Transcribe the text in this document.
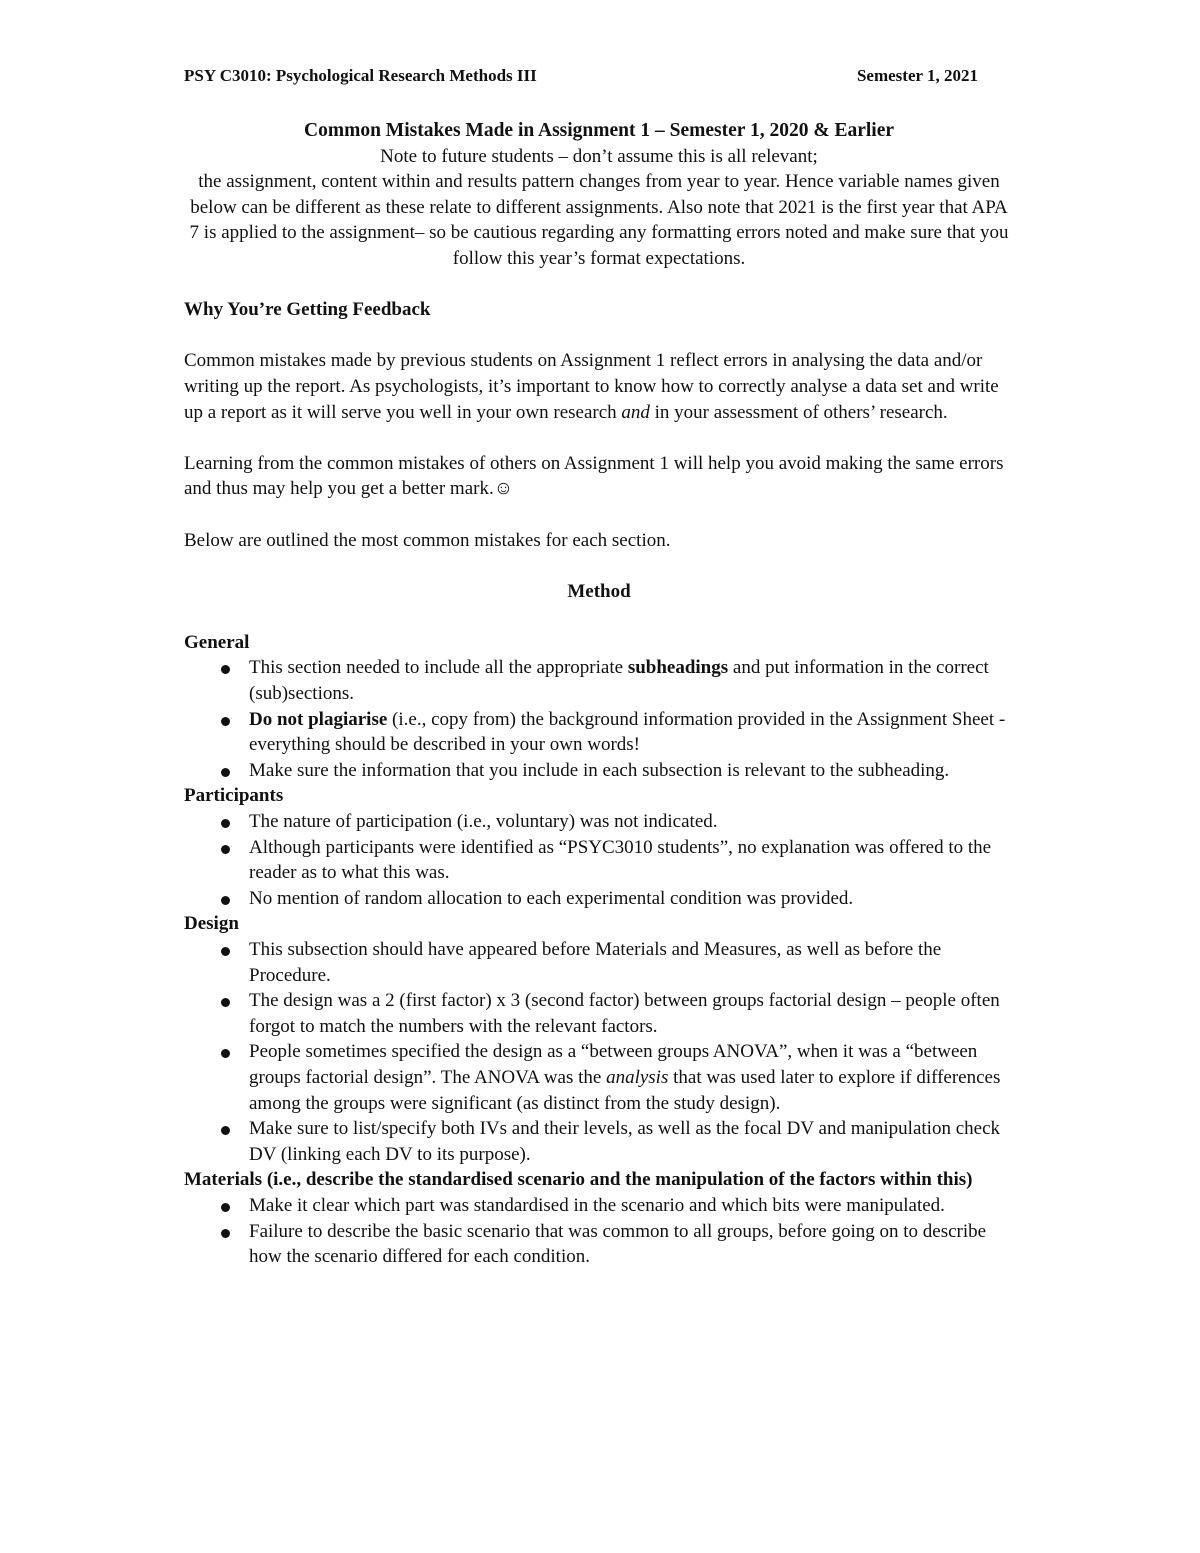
PSY C3010: Psychological Research Methods III	Semester 1, 2021

Common Mistakes Made in Assignment 1 – Semester 1, 2020 & Earlier

Note to future students – don’t assume this is all relevant;

the assignment, content within and results pattern changes from year to year. Hence variable names given below can be different as these relate to different assignments. Also note that 2021 is the first year that APA 7 is applied to the assignment– so be cautious regarding any formatting errors noted and make sure that you follow this year’s format expectations.

Why You’re Getting Feedback

Common mistakes made by previous students on Assignment 1 reflect errors in analysing the data and/or writing up the report. As psychologists, it’s important to know how to correctly analyse a data set and write up a report as it will serve you well in your own research and in your assessment of others’ research.

Learning from the common mistakes of others on Assignment 1 will help you avoid making the same errors and thus may help you get a better mark.☺

Below are outlined the most common mistakes for each section.

Method

General
This section needed to include all the appropriate subheadings and put information in the correct (sub)sections.
Do not plagiarise (i.e., copy from) the background information provided in the Assignment Sheet - everything should be described in your own words!
Make sure the information that you include in each subsection is relevant to the subheading.
Participants
The nature of participation (i.e., voluntary) was not indicated.
Although participants were identified as “PSYC3010 students”, no explanation was offered to the reader as to what this was.
No mention of random allocation to each experimental condition was provided.
Design
This subsection should have appeared before Materials and Measures, as well as before the Procedure.
The design was a 2 (first factor) x 3 (second factor) between groups factorial design – people often forgot to match the numbers with the relevant factors.
People sometimes specified the design as a “between groups ANOVA”, when it was a “between groups factorial design”. The ANOVA was the analysis that was used later to explore if differences among the groups were significant (as distinct from the study design).
Make sure to list/specify both IVs and their levels, as well as the focal DV and manipulation check DV (linking each DV to its purpose).
Materials (i.e., describe the standardised scenario and the manipulation of the factors within this)
Make it clear which part was standardised in the scenario and which bits were manipulated.
Failure to describe the basic scenario that was common to all groups, before going on to describe how the scenario differed for each condition.
